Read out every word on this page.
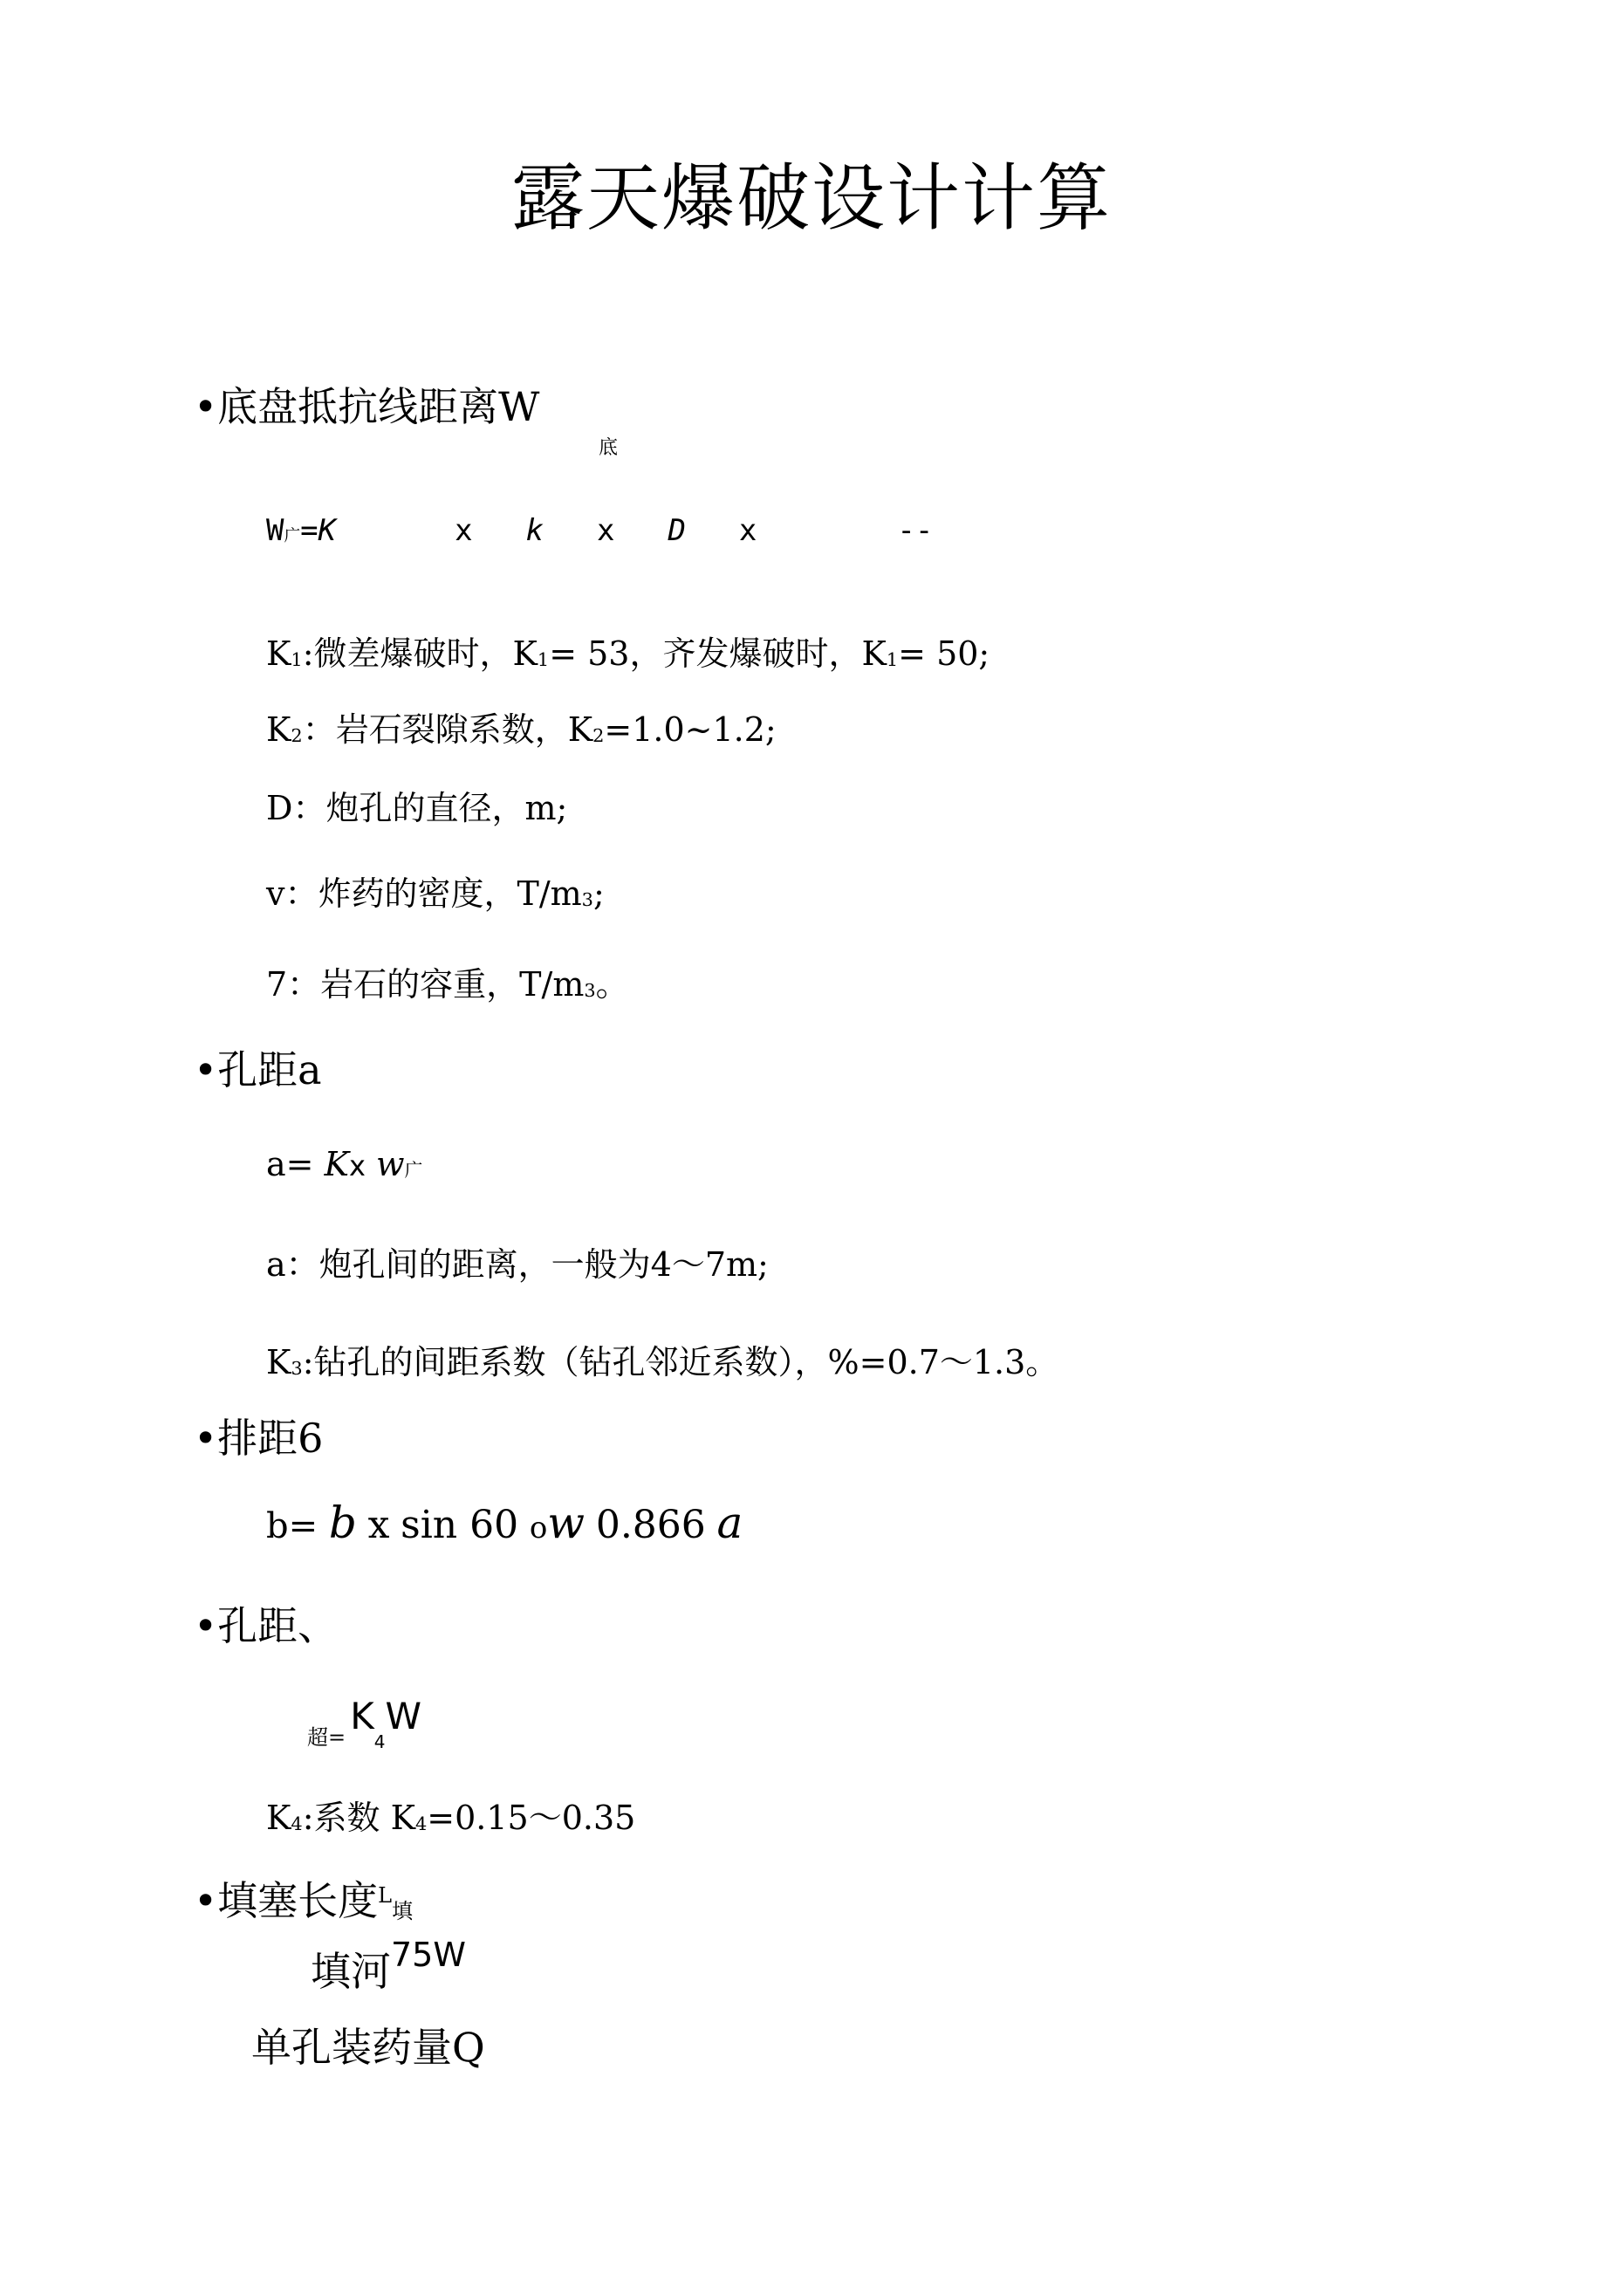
露天爆破设计计算
•底盘抵抗线距离W
底
$W_广=K$	x k x D x	--
$K_1$:微差爆破时，$K_1= 53$，齐发爆破时，$K_1= 50$;
$K_2$：岩石裂隙系数，$K_2=1.0\sim 1.2$;
D：炮孔的直径，m;
v：炸药的密度，$T/m_3$;
7：岩石的容重，$T/m_3$。
•孔距a
a= Kx $w_广$
a：炮孔间的距离，一般为4〜7m;
$K_3$:钻孔的间距系数（钻孔邻近系数），%=0.7〜1.3。
•排距6
b= b x sin 60 ow 0.866 a
•孔距、
超= $K_4W$
$K_4$:系数 $K_4=0.15$〜0.35
•填塞长度$^L$填
填河$^{75W}$
单孔装药量Q
